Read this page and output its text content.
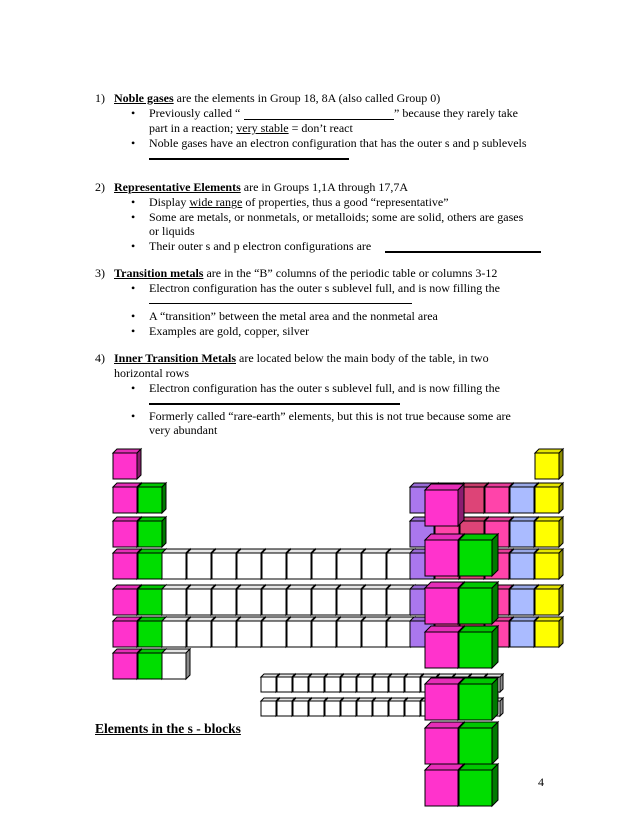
1) Noble gases are the elements in Group 18, 8A (also called Group 0)
• Previously called “	” because they rarely take
part in a reaction; very stable = don’t react
• Noble gases have an electron configuration that has the outer s and p sublevels
2) Representative Elements are in Groups 1,1A through 17,7A
• Display wide range of properties, thus a good “representative”
• Some are metals, or nonmetals, or metalloids; some are solid, others are gases
or liquids
• Their outer s and p electron configurations are
3) Transition metals are in the “B” columns of the periodic table or columns 3-12
• Electron configuration has the outer s sublevel full, and is now filling the
• A “transition” between the metal area and the nonmetal area
• Examples are gold, copper, silver
4) Inner Transition Metals are located below the main body of the table, in two
horizontal rows
• Electron configuration has the outer s sublevel full, and is now filling the
• Formerly called “rare-earth” elements, but this is not true because some are
very abundant
Elements in the s - blocks
4
